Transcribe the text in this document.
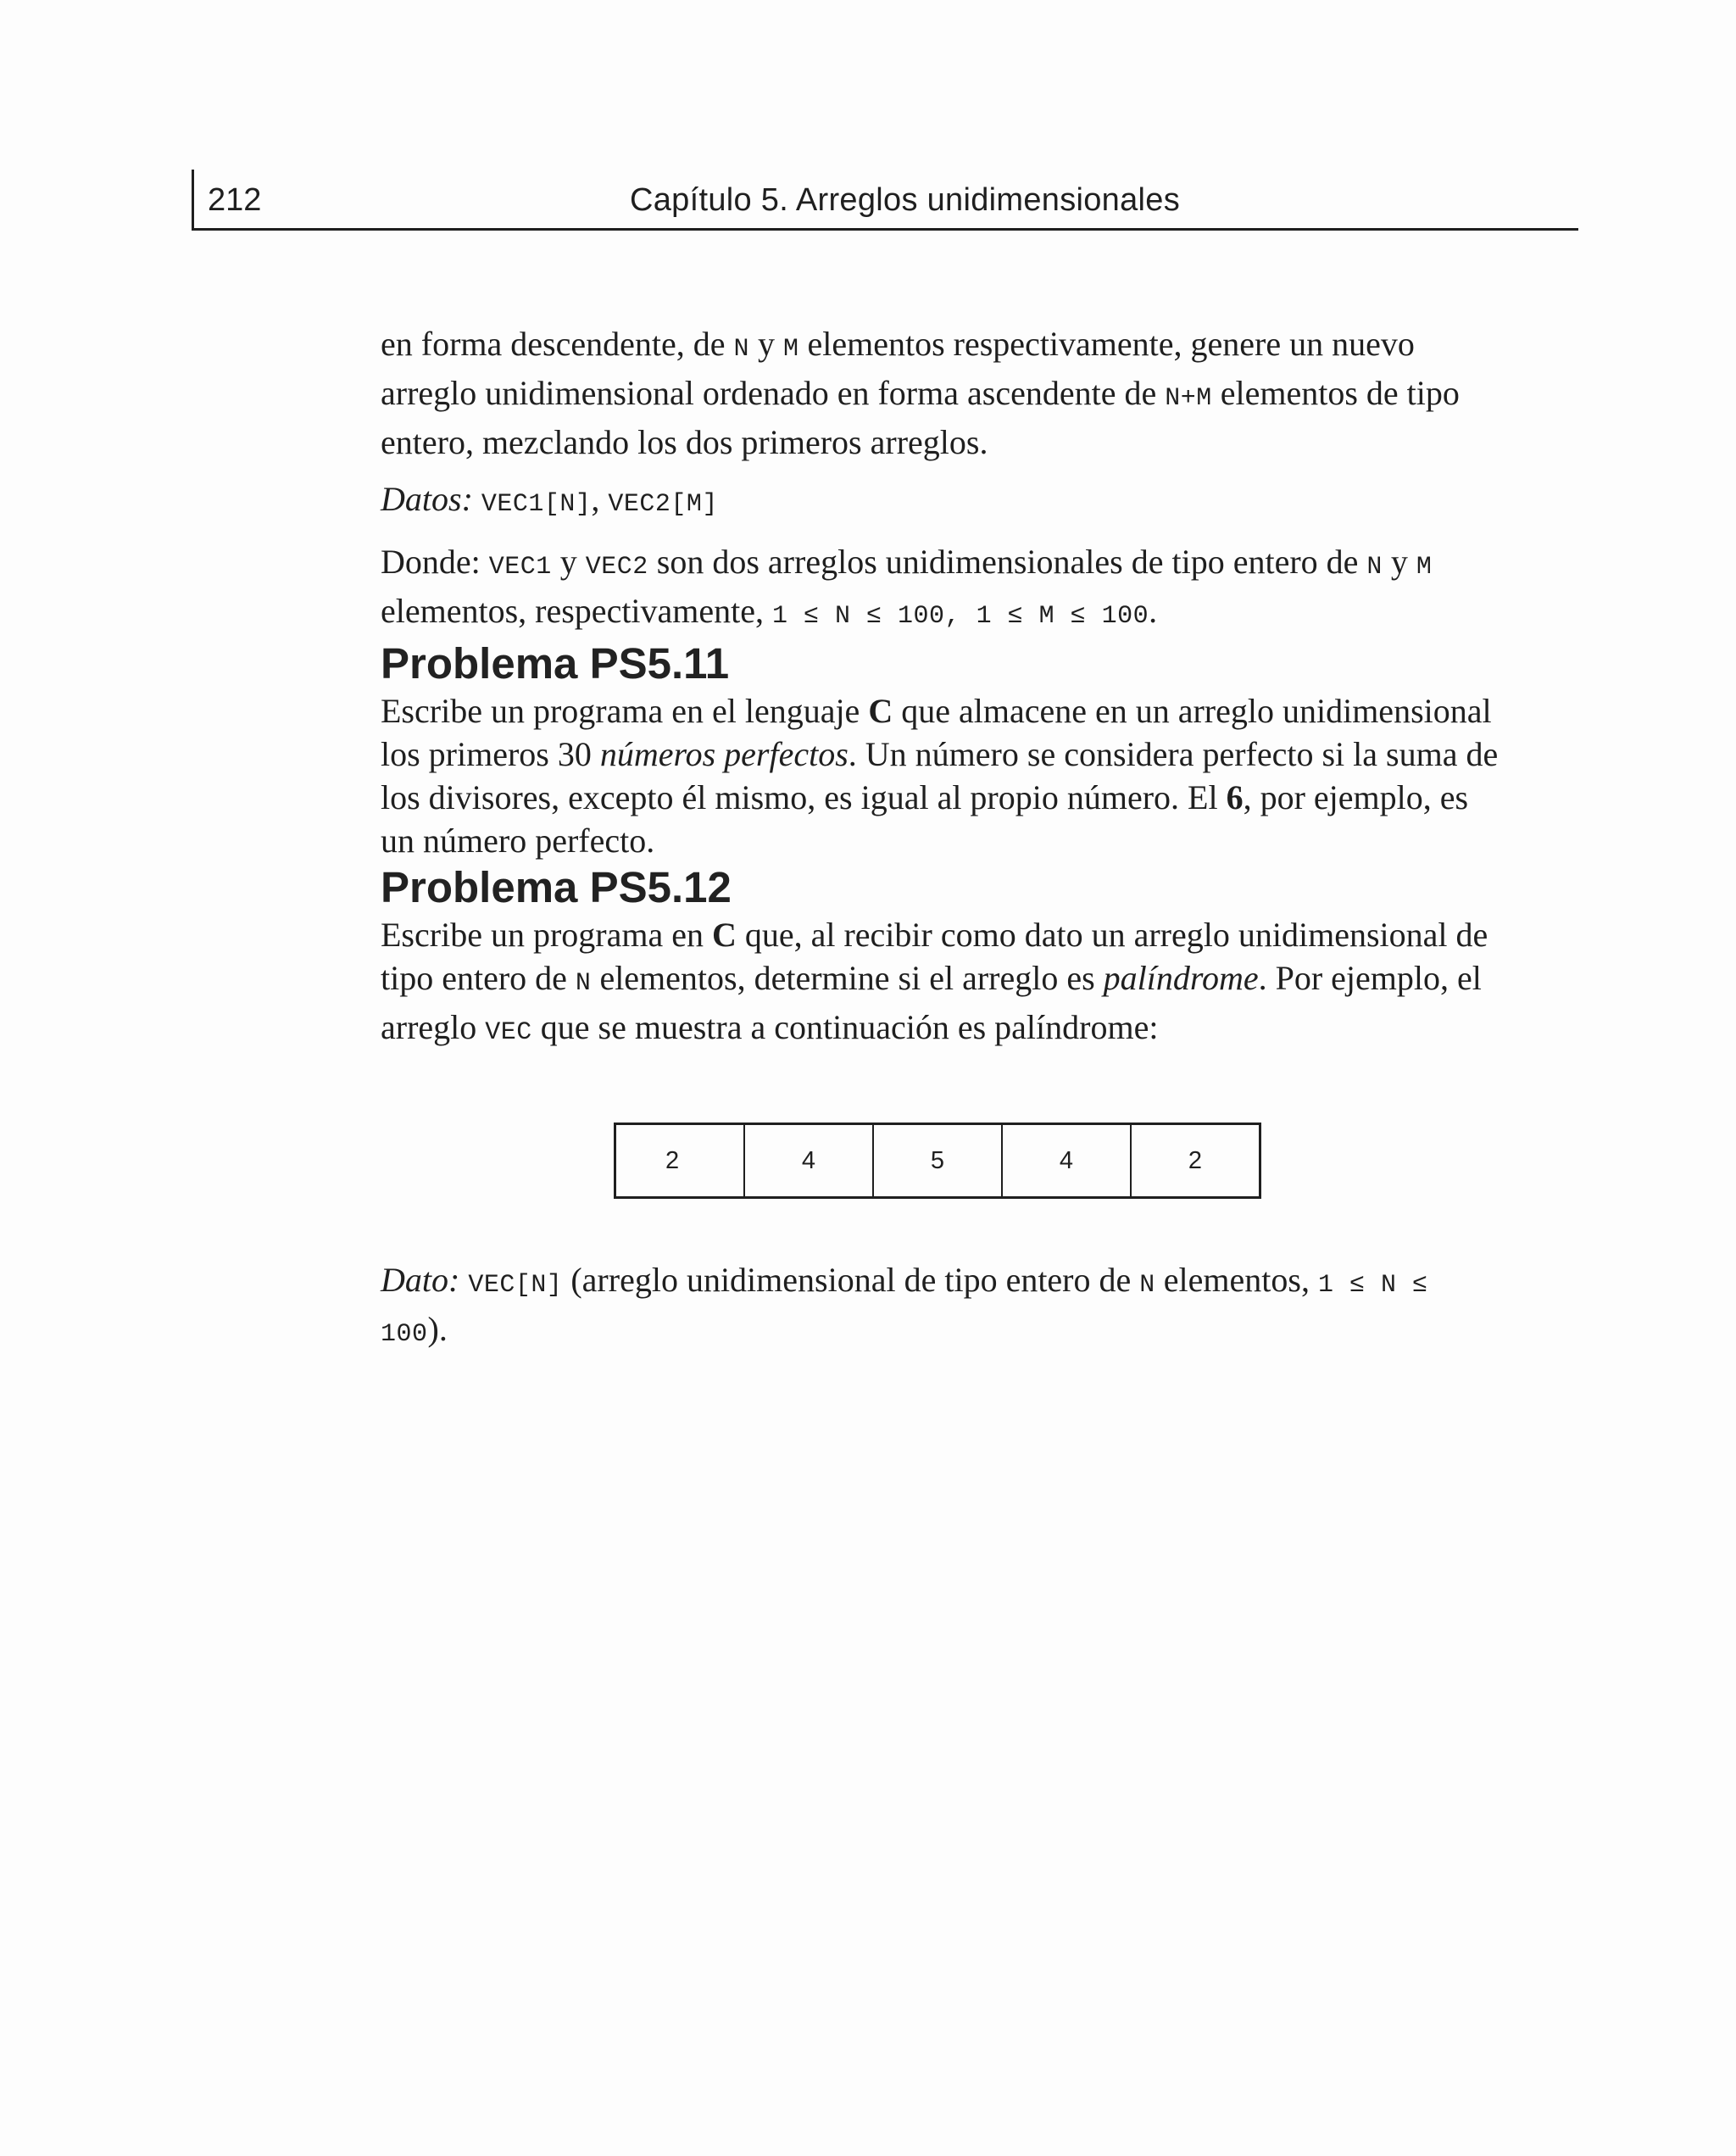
212	Capítulo 5. Arreglos unidimensionales

en forma descendente, de N y M elementos respectivamente, genere un nuevo arreglo unidimensional ordenado en forma ascendente de N+M elementos de tipo entero, mezclando los dos primeros arreglos.

Datos: VEC1[N], VEC2[M]

Donde: VEC1 y VEC2 son dos arreglos unidimensionales de tipo entero de N y M elementos, respectivamente, 1 ≤ N ≤ 100, 1 ≤ M ≤ 100.

Problema PS5.11

Escribe un programa en el lenguaje C que almacene en un arreglo unidimensional los primeros 30 números perfectos. Un número se considera perfecto si la suma de los divisores, excepto él mismo, es igual al propio número. El 6, por ejemplo, es un número perfecto.

Problema PS5.12

Escribe un programa en C que, al recibir como dato un arreglo unidimensional de tipo entero de N elementos, determine si el arreglo es palíndrome. Por ejemplo, el arreglo VEC que se muestra a continuación es palíndrome:

2	4	5	4	2

Dato: VEC[N] (arreglo unidimensional de tipo entero de N elementos, 1 ≤ N ≤ 100).
